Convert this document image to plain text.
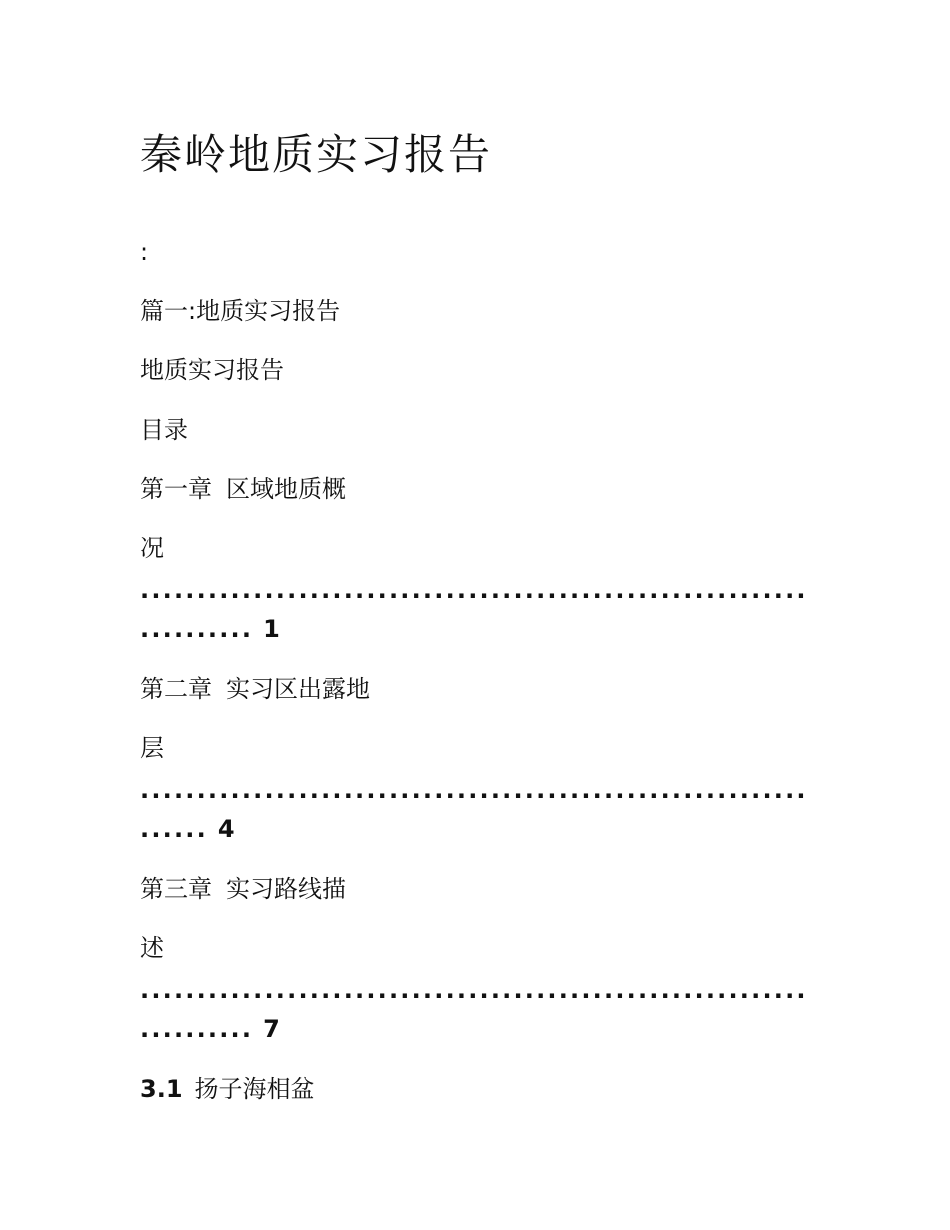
秦岭地质实习报告
:
篇一:地质实习报告
地质实习报告
目录
第一章 区域地质概
况
...........................................................
.......... 1
第二章 实习区出露地
层
...........................................................
...... 4
第三章 实习路线描
述
...........................................................
.......... 7
3.1 扬子海相盆
